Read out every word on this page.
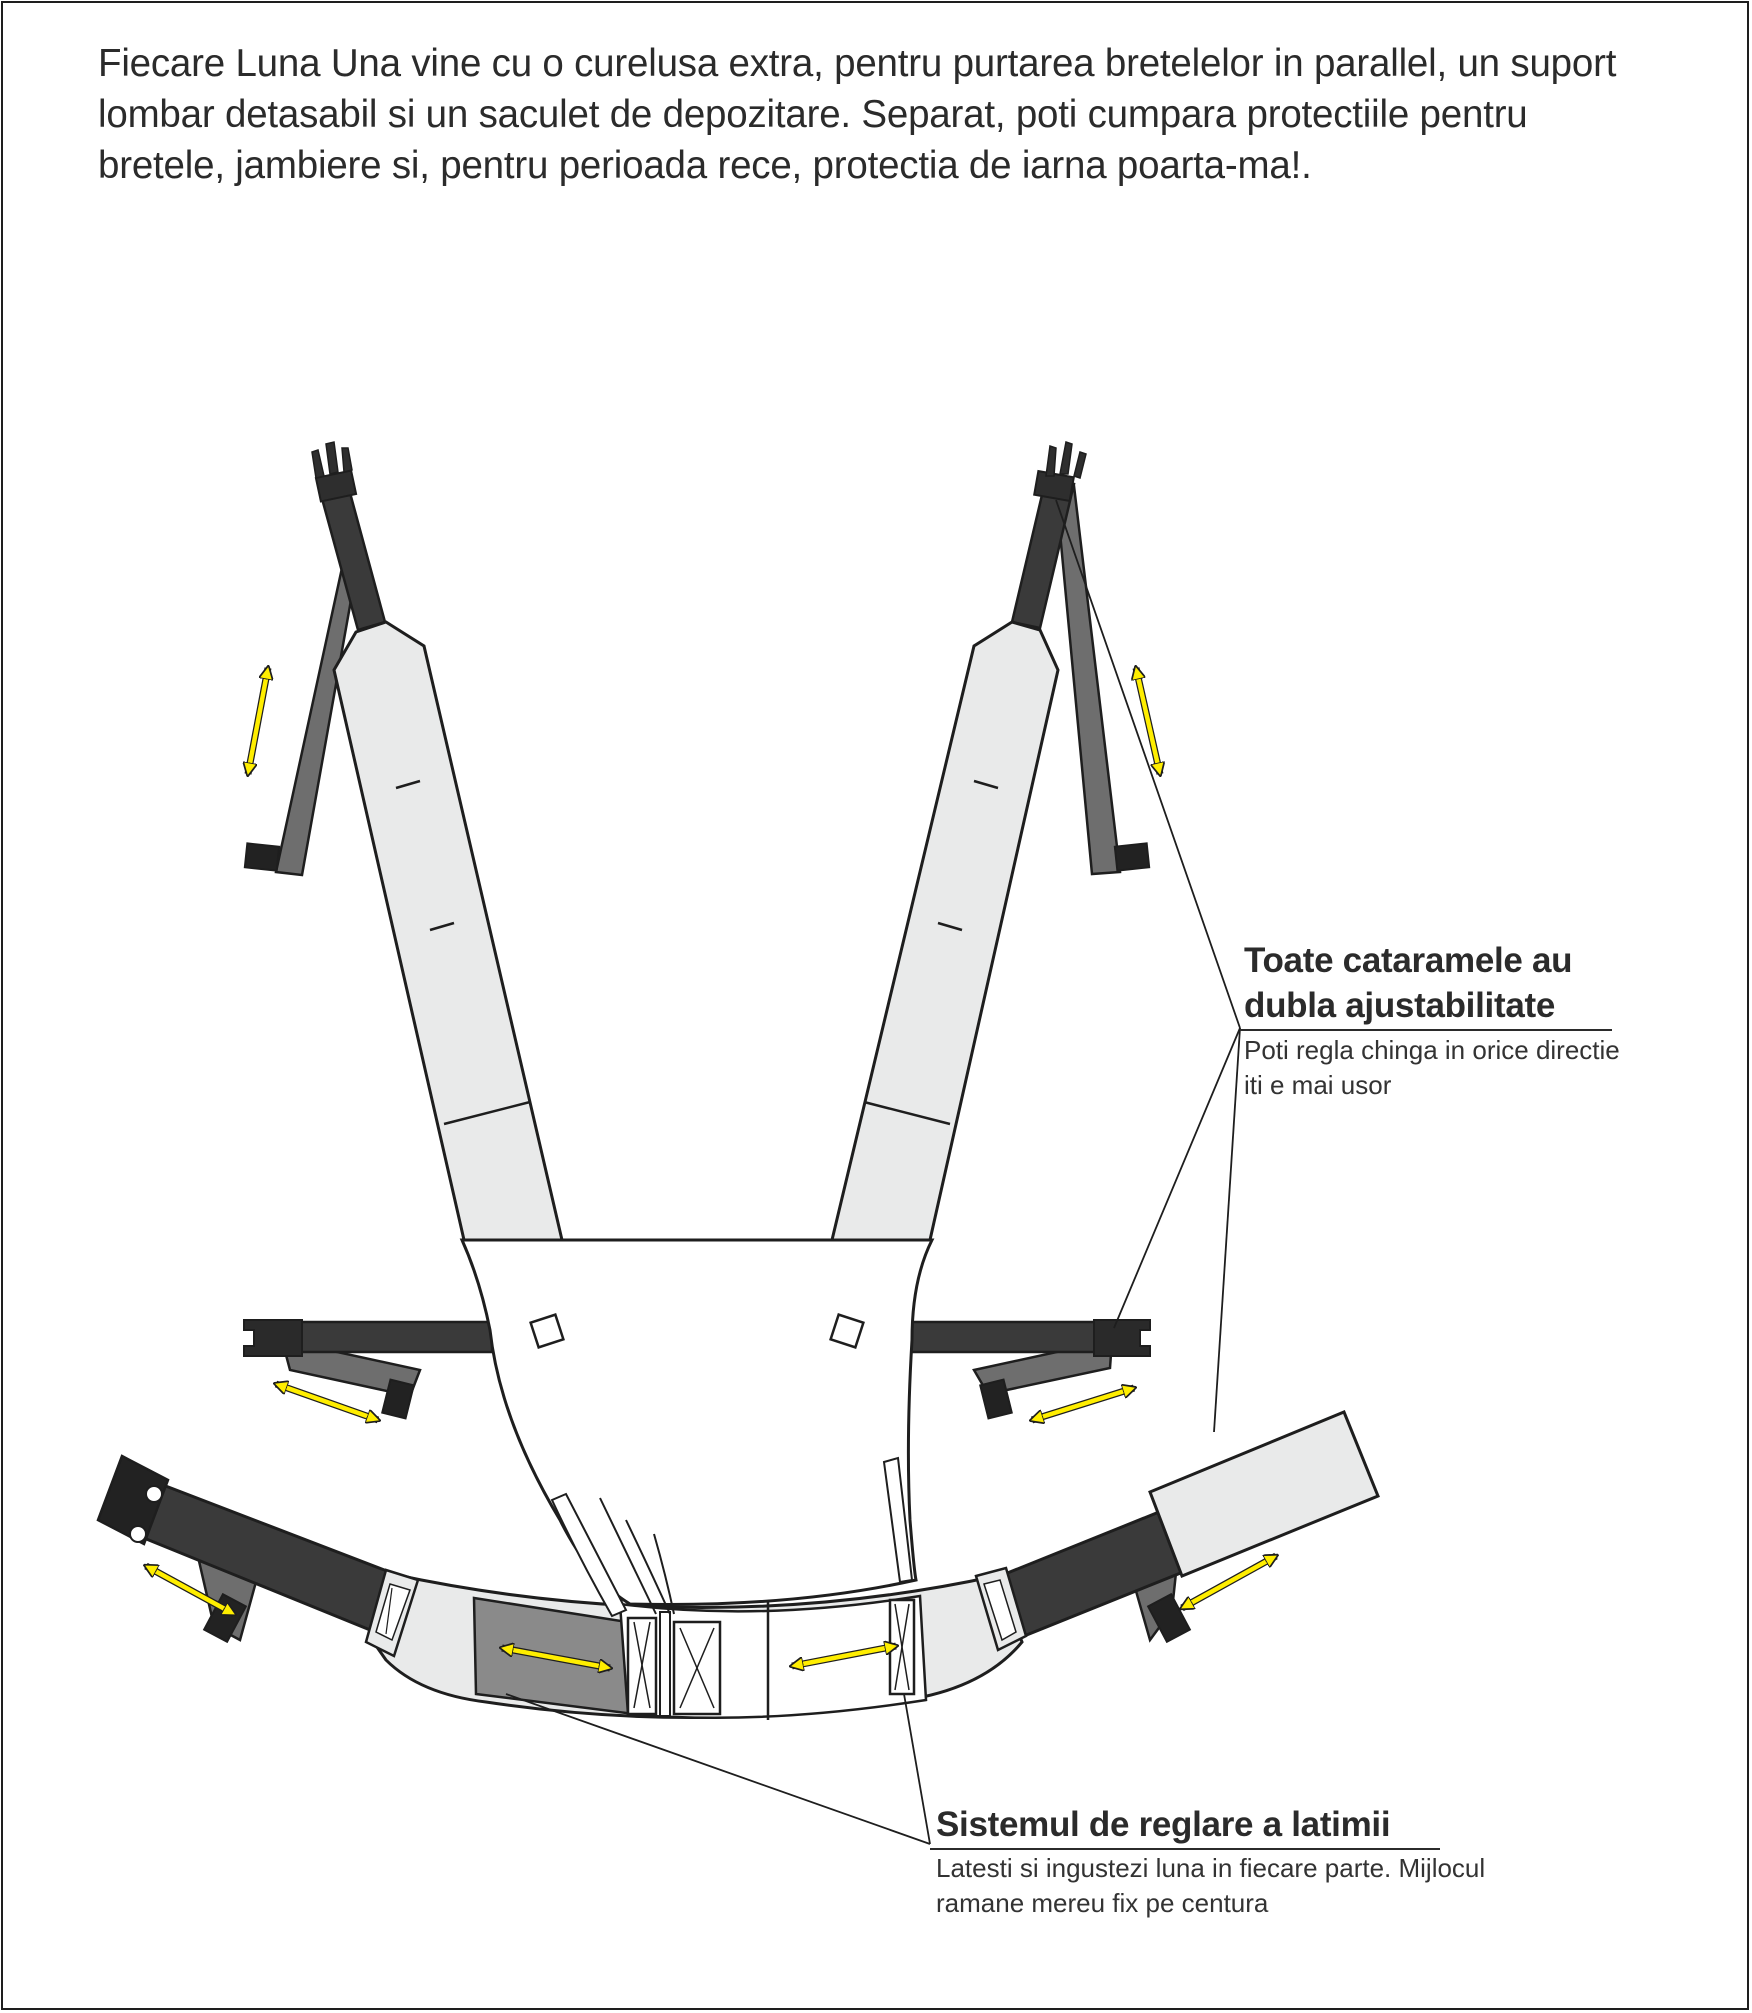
Fiecare Luna Una vine cu o curelusa extra, pentru purtarea bretelelor in parallel, un suport lombar detasabil si un saculet de depozitare. Separat, poti cumpara protectiile pentru bretele, jambiere si, pentru perioada rece, protectia de iarna poarta-ma!.

Toate cataramele au dubla ajustabilitate

Poti regla chinga in orice directie iti e mai usor

Sistemul de reglare a latimii

Latesti si ingustezi luna in fiecare parte. Mijlocul ramane mereu fix pe centura
